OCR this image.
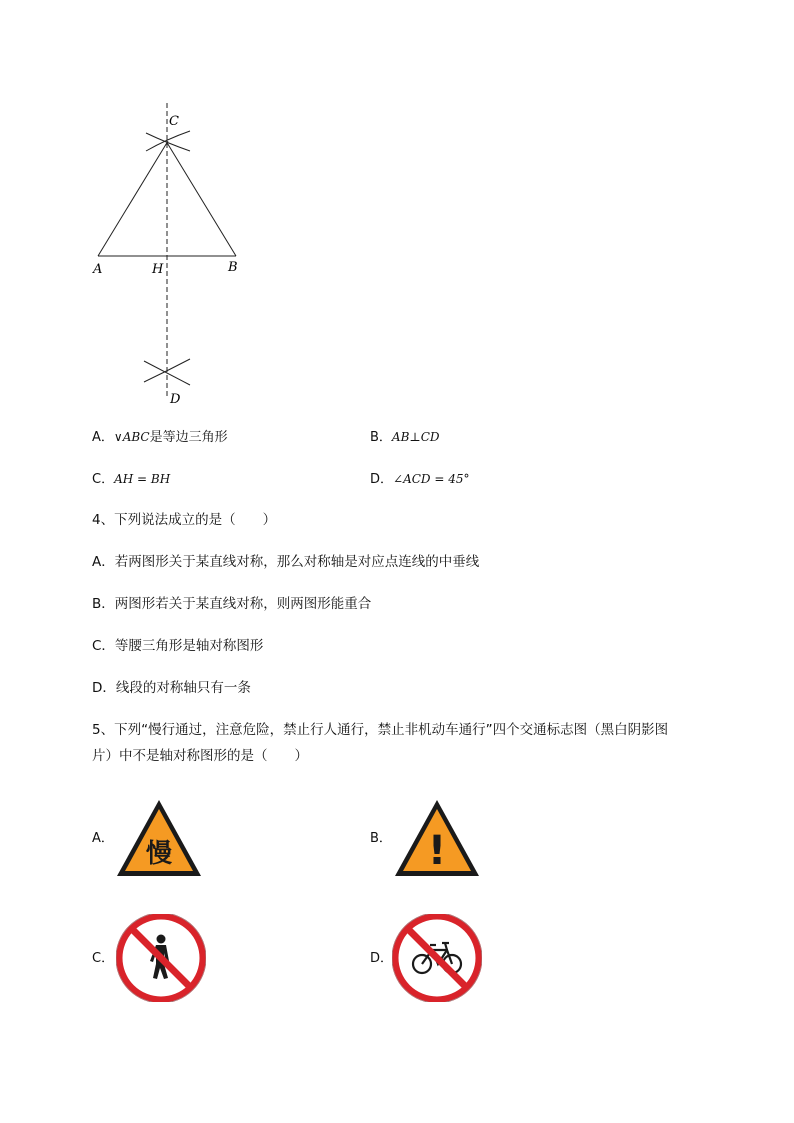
C
A	H	B
D
A．∨ABC是等边三角形	B．AB⊥CD
C．AH = BH	D．∠ACD = 45°
4、下列说法成立的是（　　）
A．若两图形关于某直线对称，那么对称轴是对应点连线的中垂线
B．两图形若关于某直线对称，则两图形能重合
C．等腰三角形是轴对称图形
D．线段的对称轴只有一条
5、下列“慢行通过，注意危险，禁止行人通行，禁止非机动车通行”四个交通标志图（黑白阴影图
片）中不是轴对称图形的是（　　）
A．
慢
B． !
C．	D．
